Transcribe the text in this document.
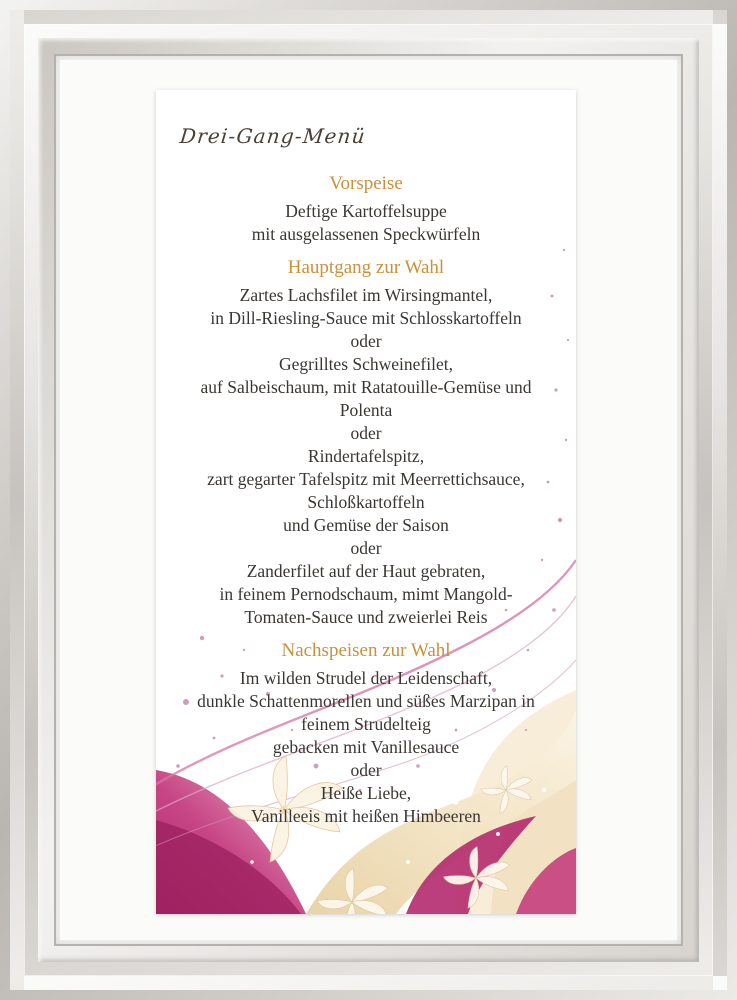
Drei-Gang-Menü
Vorspeise
Deftige Kartoffelsuppe
mit ausgelassenen Speckwürfeln
Hauptgang zur Wahl
Zartes Lachsfilet im Wirsingmantel,
in Dill-Riesling-Sauce mit Schlosskartoffeln
oder
Gegrilltes Schweinefilet,
auf Salbeischaum, mit Ratatouille-Gemüse und
Polenta
oder
Rindertafelspitz,
zart gegarter Tafelspitz mit Meerrettichsauce,
Schloßkartoffeln
und Gemüse der Saison
oder
Zanderfilet auf der Haut gebraten,
in feinem Pernodschaum, mimt Mangold-
Tomaten-Sauce und zweierlei Reis
Nachspeisen zur Wahl
Im wilden Strudel der Leidenschaft,
dunkle Schattenmorellen und süßes Marzipan in
feinem Strudelteig
gebacken mit Vanillesauce
oder
Heiße Liebe,
Vanilleeis mit heißen Himbeeren
